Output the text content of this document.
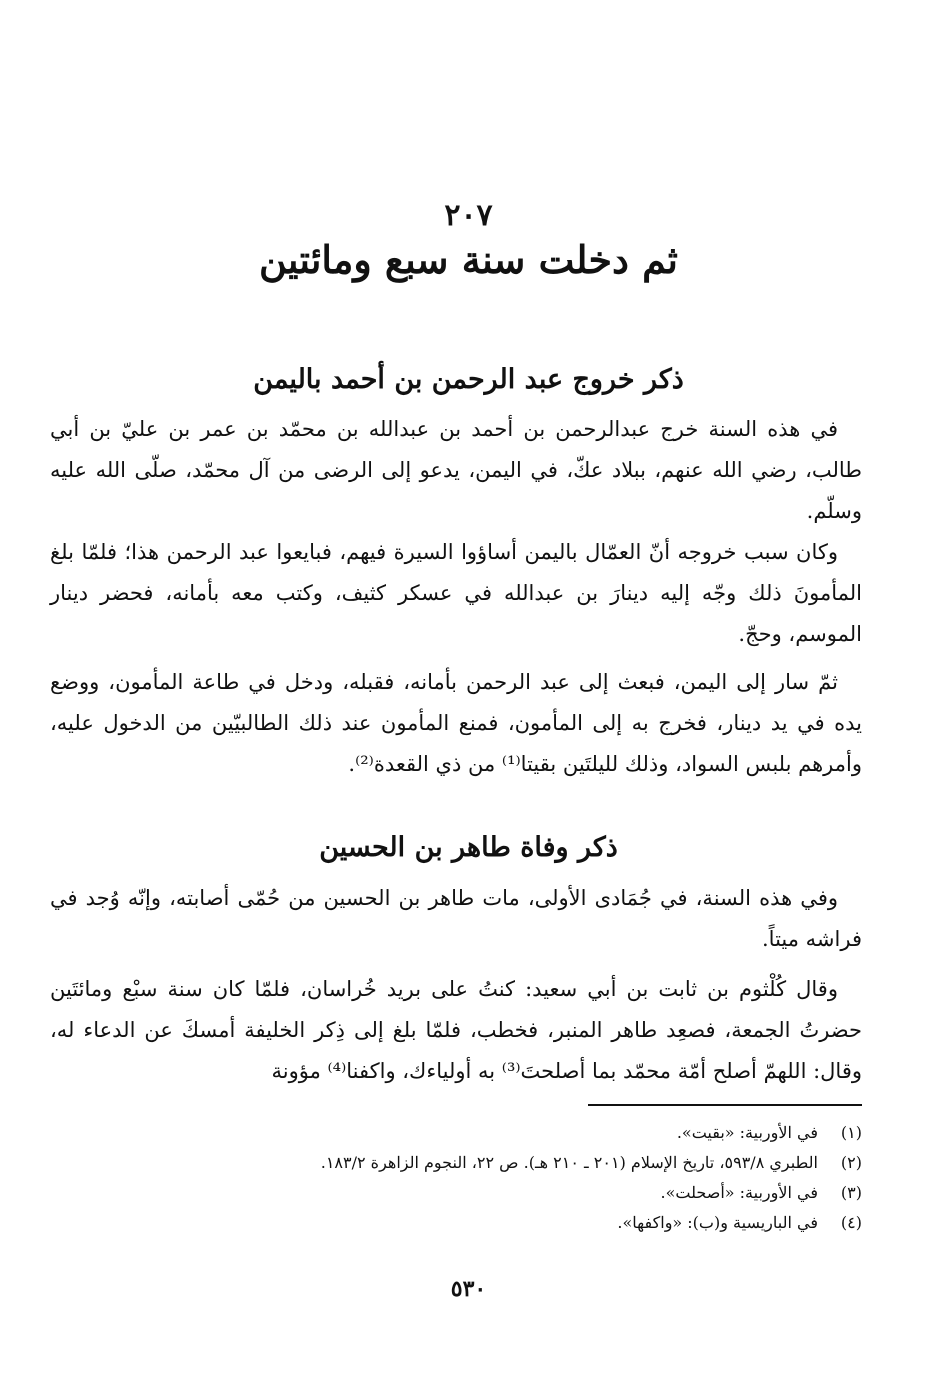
٢٠٧
ثم دخلت سنة سبع ومائتين
ذكر خروج عبد الرحمن بن أحمد باليمن

في هذه السنة خرج عبدالرحمن بن أحمد بن عبدالله بن محمّد بن عمر بن عليّ بن أبي طالب، رضي الله عنهم، ببلاد عكّ، في اليمن، يدعو إلى الرضى من آل محمّد، صلّى الله عليه وسلّم.

وكان سبب خروجه أنّ العمّال باليمن أساؤوا السيرة فيهم، فبايعوا عبد الرحمن هذا؛ فلمّا بلغ المأمونَ ذلك وجّه إليه دينارَ بن عبدالله في عسكر كثيف، وكتب معه بأمانه، فحضر دينار الموسم، وحجّ.

ثمّ سار إلى اليمن، فبعث إلى عبد الرحمن بأمانه، فقبله، ودخل في طاعة المأمون، ووضع يده في يد دينار، فخرج به إلى المأمون، فمنع المأمون عند ذلك الطالبيّين من الدخول عليه، وأمرهم بلبس السواد، وذلك لليلتَين بقيتا⁽¹⁾ من ذي القعدة⁽²⁾.

ذكر وفاة طاهر بن الحسين

وفي هذه السنة، في جُمَادى الأولى، مات طاهر بن الحسين من حُمّى أصابته، وإنّه وُجد في فراشه ميتاً.

وقال كُلْثوم بن ثابت بن أبي سعيد: كنتُ على بريد خُراسان، فلمّا كان سنة سبْع ومائتَين حضرتُ الجمعة، فصعِد طاهر المنبر، فخطب، فلمّا بلغ إلى ذِكر الخليفة أمسكَ عن الدعاء له، وقال: اللهمّ أصلح أمّة محمّد بما أصلحتَ⁽³⁾ به أولياءك، واكفنا⁽⁴⁾ مؤونة

(١)
في الأوربية: «بقيت».
(٢)
الطبري ٥٩٣/٨، تاريخ الإسلام (٢٠١ ـ ٢١٠ هـ). ص ٢٢، النجوم الزاهرة ١٨٣/٢.
(٣)
في الأوربية: «أصحلت».
(٤)
في الباريسية و(ب): «واكفها».
٥٣٠
